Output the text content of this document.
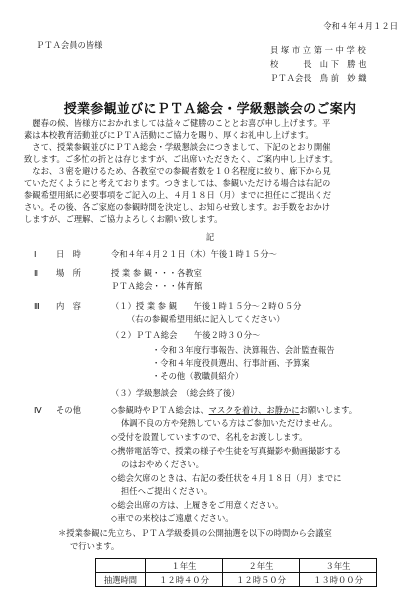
令和４年４月１２日
ＰＴＡ会員の皆様	貝 塚 市 立 第 一 中 学 校
校　　　長　山 下　勝 也
ＰＴＡ会長　鳥 前　妙 織
授業参観並びにＰＴＡ総会・学級懇談会のご案内
　麗春の候、皆様方におかれましては益々ご健勝のこととお喜び申し上げます。平
素は本校教育活動並びにＰＴＡ活動にご協力を賜り、厚くお礼申し上げます。
　さて、授業参観並びにＰＴＡ総会・学級懇談会につきまして、下記のとおり開催
致します。ご多忙の折とは存じますが、ご出席いただきたく、ご案内申し上げます。
　なお、３密を避けるため、各教室での参観者数を１０名程度に絞り、廊下から見
ていただくようにと考えております。つきましては、参観いただける場合は右記の
参観希望用紙に必要事項をご記入の上、４月１８日（月）までに担任にご提出くだ
さい。その後、各ご家庭の参観時間を決定し、お知らせ致します。お手数をおかけ
しますが、ご理解、ご協力よろしくお願い致します。
記
Ⅰ 日　時	令和４年４月２１日（木）午後１時１５分～
Ⅱ 場　所	授 業 参 観・・・各教室
ＰＴＡ総会・・・体育館
Ⅲ 内　容	（１）授 業 参 観　　午後１時１５分～２時０５分
（右の参観希望用紙に記入してください）
（２）ＰＴＡ総会　　午後２時３０分～
・令和３年度行事報告、決算報告、会計監査報告
・令和４年度役員選出、行事計画、予算案
・その他（教職員紹介）
（３）学級懇談会　（総会終了後）
Ⅳ その他	◇参観時やＰＴＡ総会は、マスクを着け、お静かにお願いします。
体調不良の方や発熱している方はご参加いただけません。
◇受付を設置していますので、名札をお渡しします。
◇携帯電話等で、授業の様子や生徒を写真撮影や動画撮影する
のはおやめください。
◇総会欠席のときは、右記の委任状を４月１８日（月）までに
担任へご提出ください。
◇総会出席の方は、上履きをご用意ください。
◇車での来校はご遠慮ください。
＊授業参観に先立ち、ＰＴＡ学級委員の公開抽選を以下の時間から会議室
で行います。
	１年生	２年生	３年生
抽選時間	１２時４０分	１２時５０分	１３時００分
